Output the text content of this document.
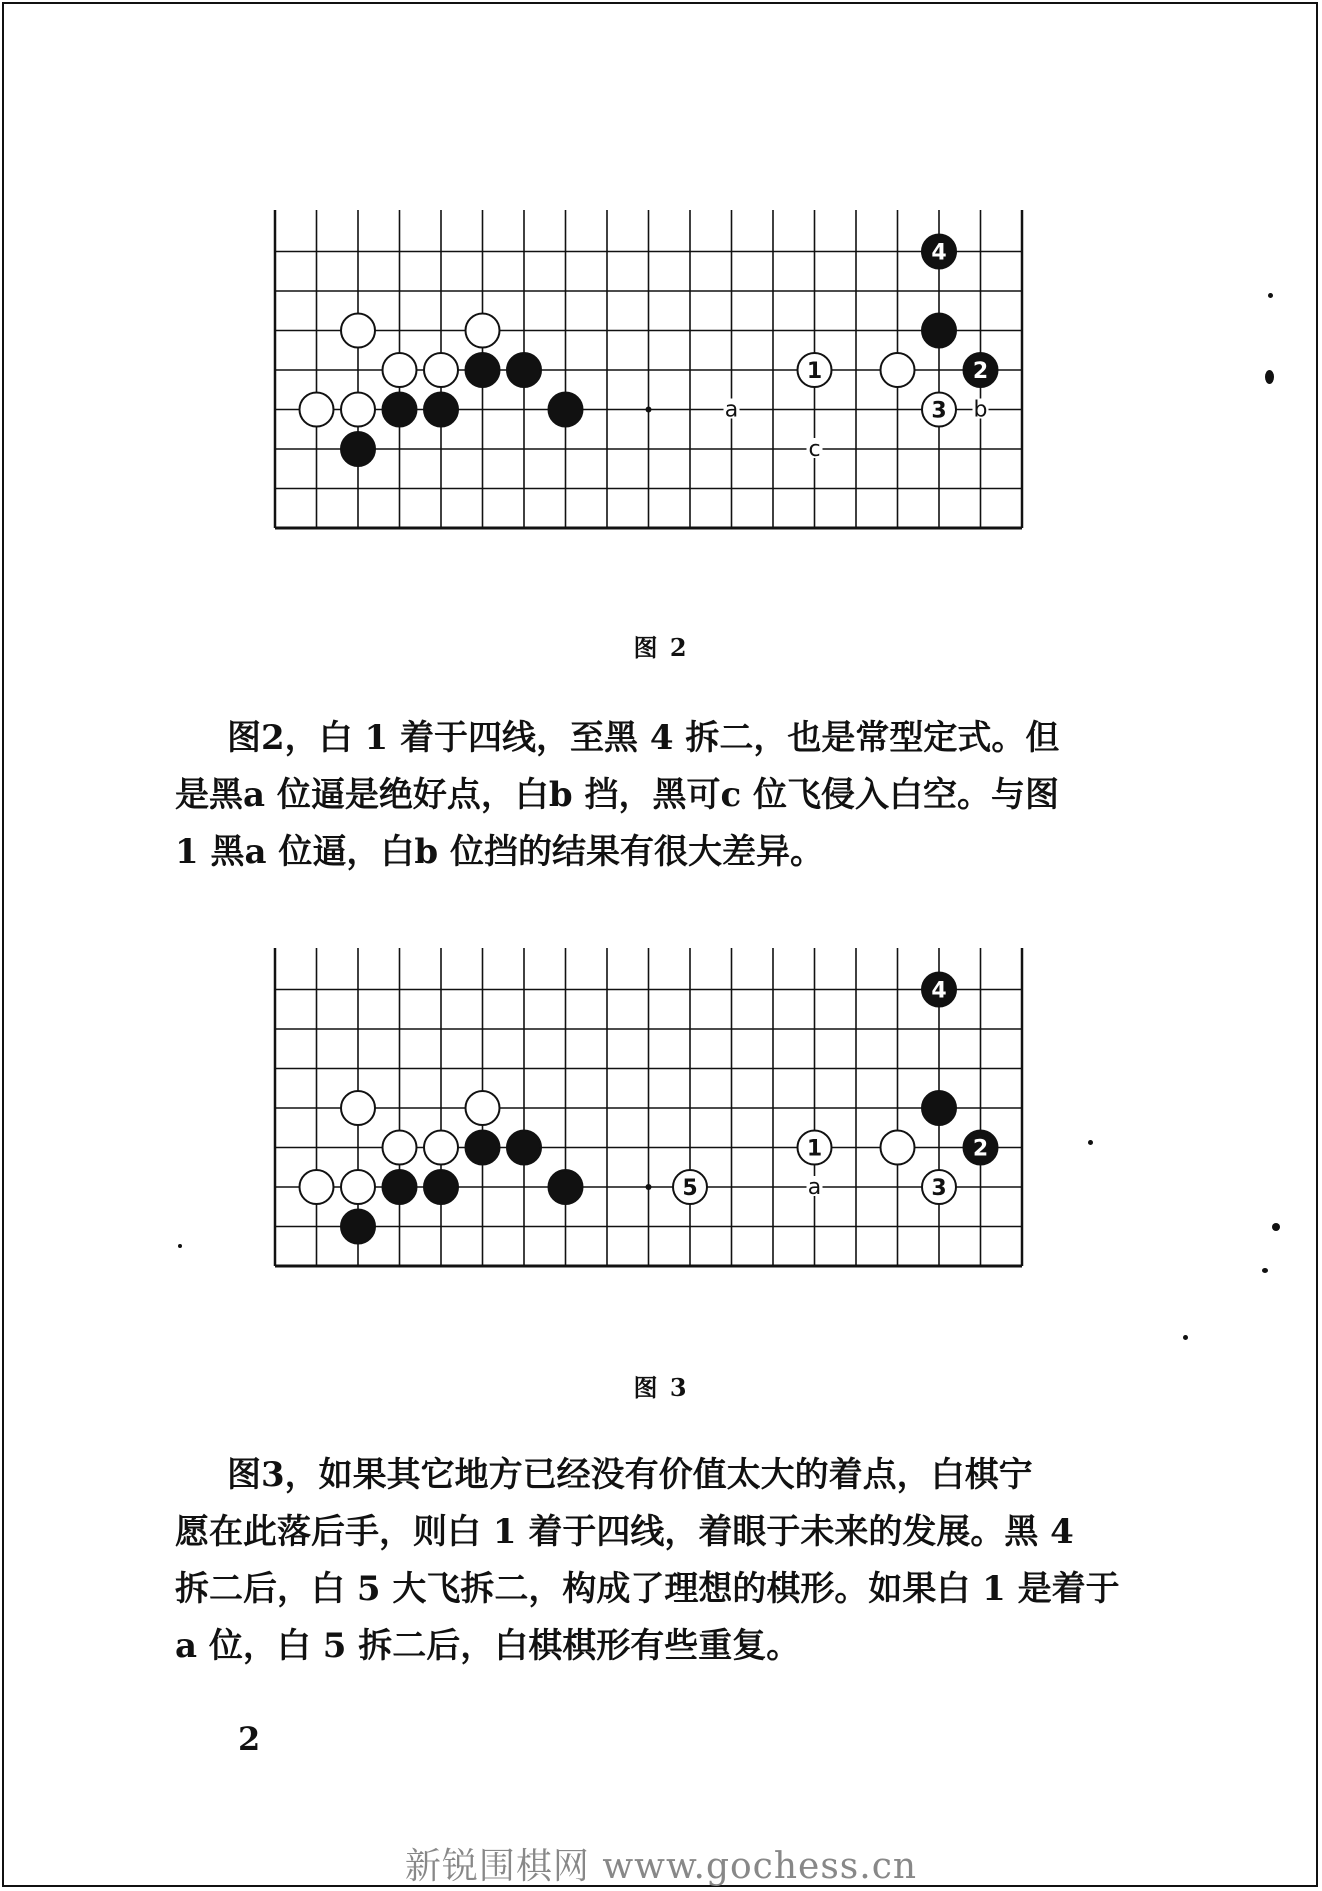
a	b
c
4
1	2
3
图 2

图2，白 1 着于四线，至黑 4 拆二，也是常型定式。但

是黑a 位逼是绝好点，白b 挡，黑可c 位飞侵入白空。与图

1 黑a 位逼，白b 位挡的结果有很大差异。

a
4
1	2
3
5
图 3

图3，如果其它地方已经没有价值太大的着点，白棋宁

愿在此落后手，则白 1 着于四线，着眼于未来的发展。黑 4

拆二后，白 5 大飞拆二，构成了理想的棋形。如果白 1 是着于

a 位，白 5 拆二后，白棋棋形有些重复。

2
新锐围棋网 www.gochess.cn
